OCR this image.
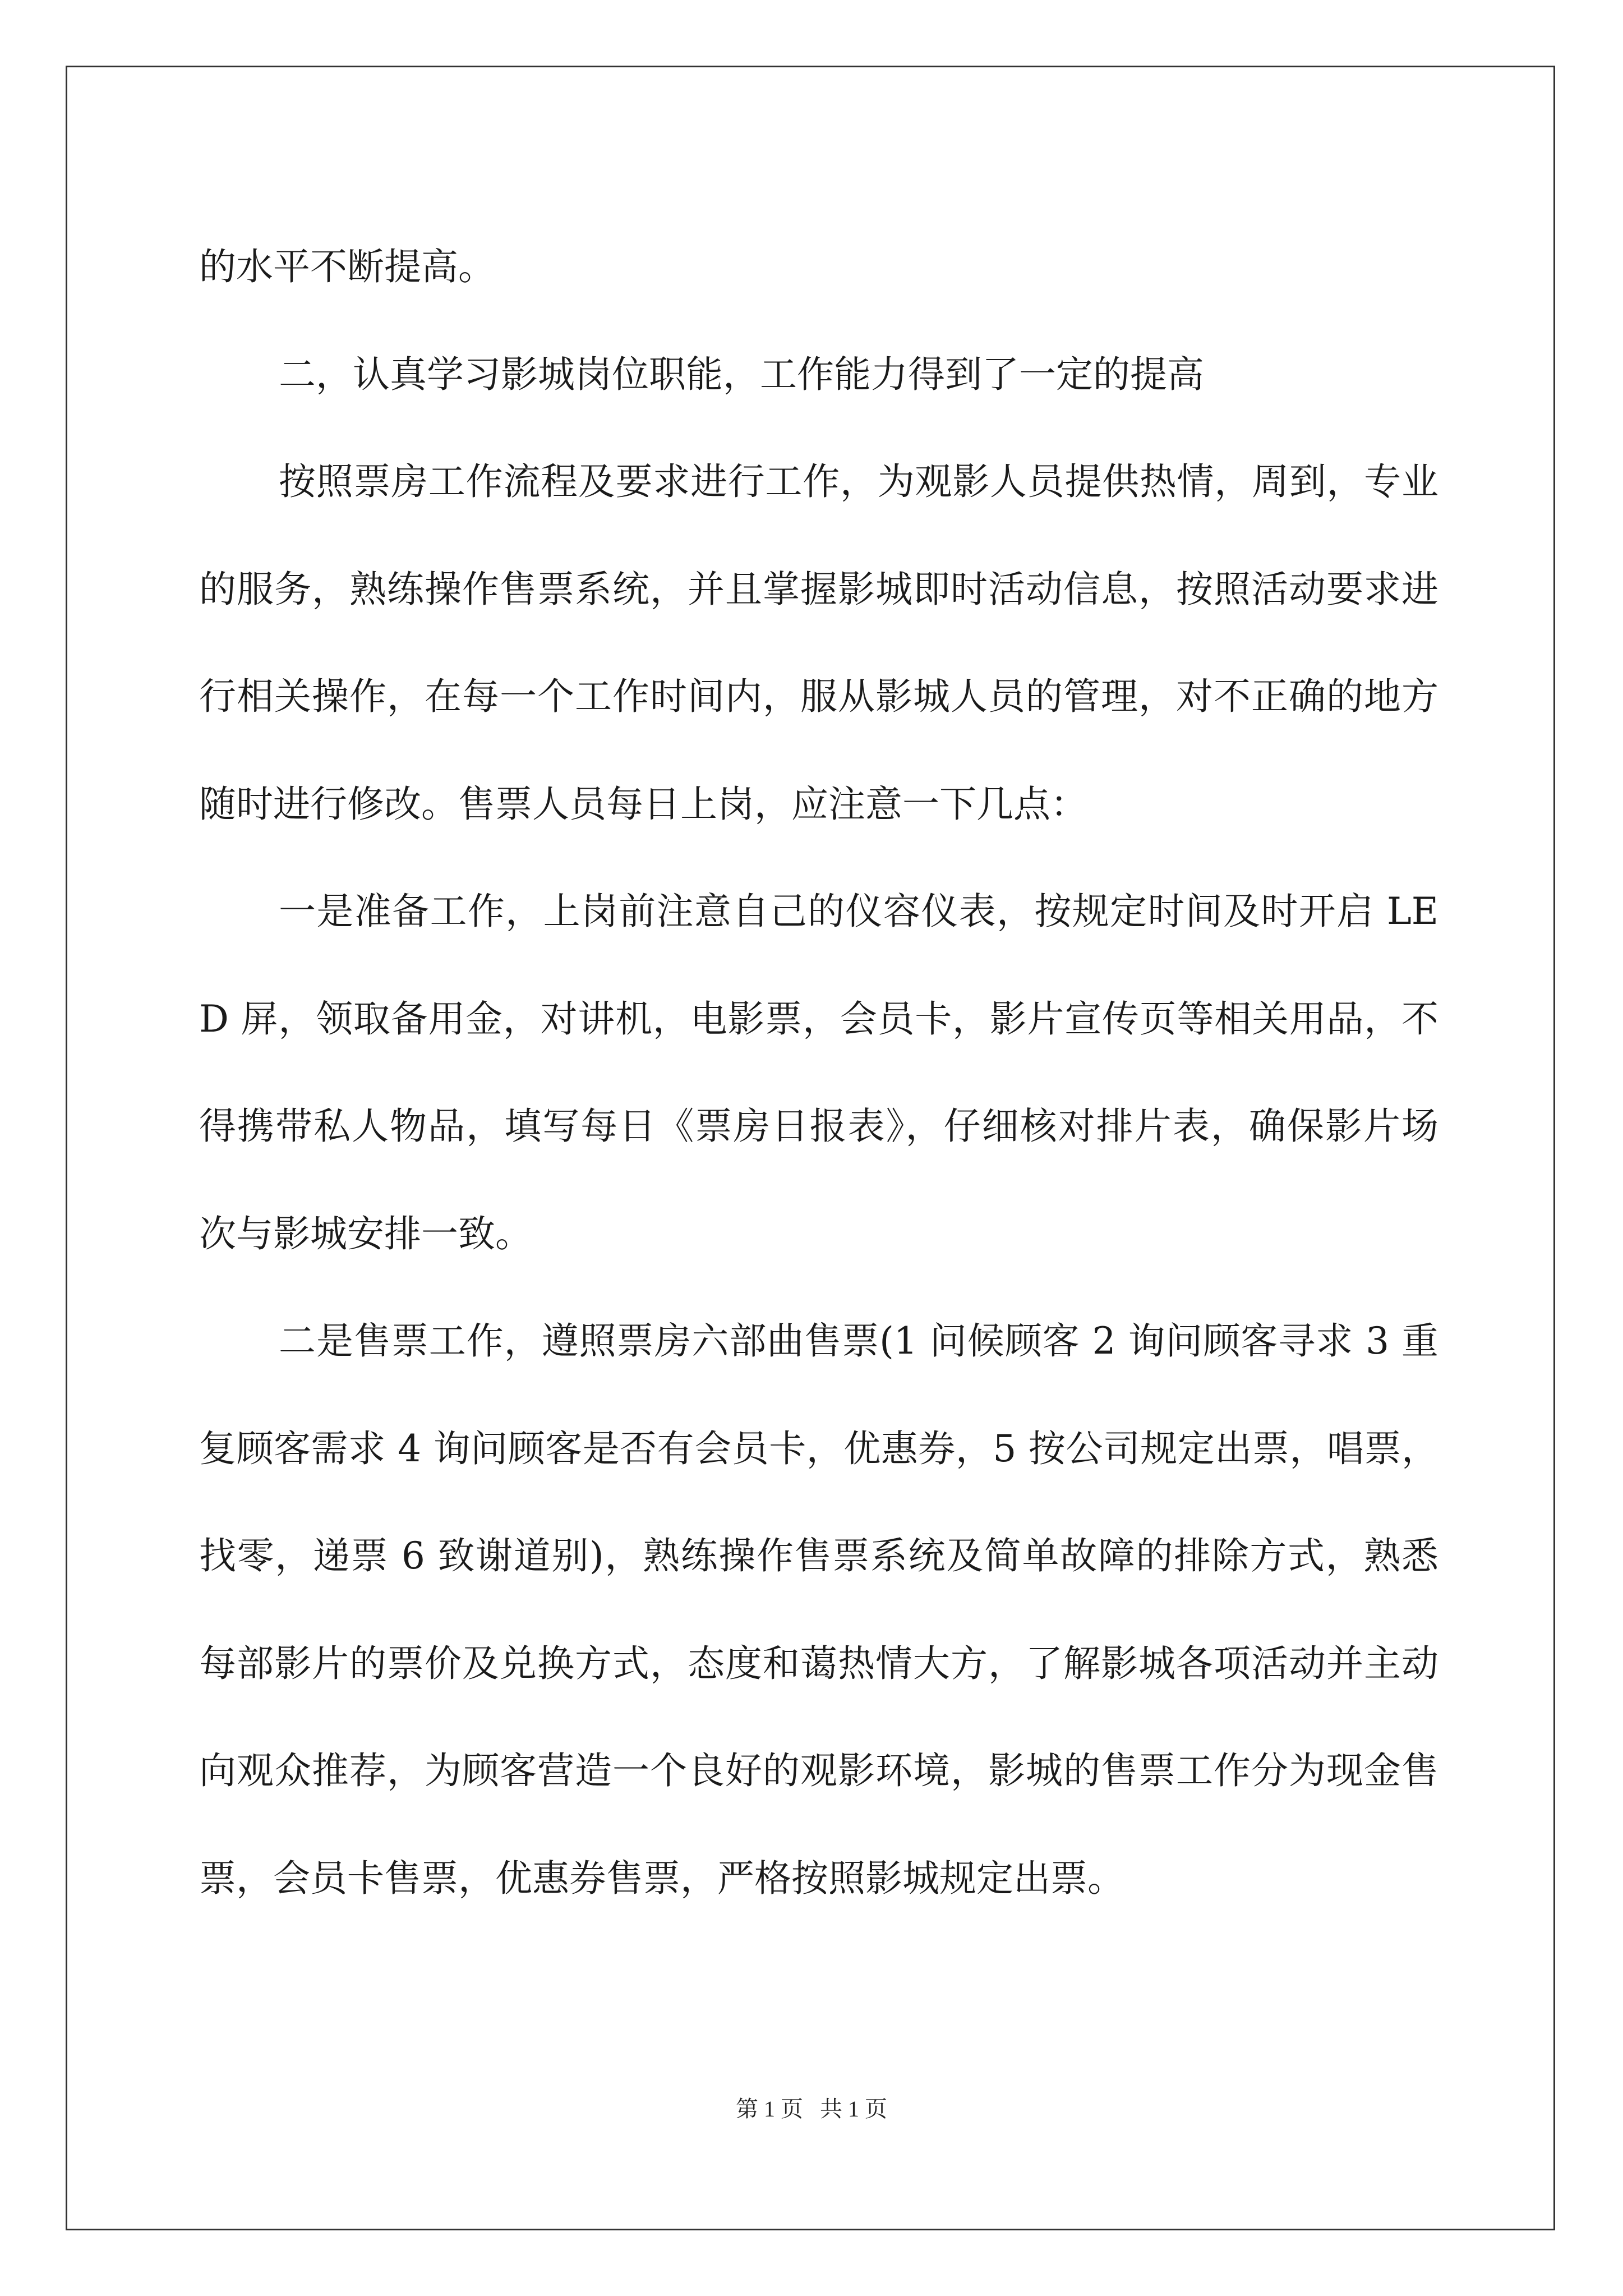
的水平不断提高。

二，认真学习影城岗位职能，工作能力得到了一定的提高

按照票房工作流程及要求进行工作，为观影人员提供热情，周到，专业的服务，熟练操作售票系统，并且掌握影城即时活动信息，按照活动要求进行相关操作，在每一个工作时间内，服从影城人员的管理，对不正确的地方随时进行修改。售票人员每日上岗，应注意一下几点：

一是准备工作，上岗前注意自己的仪容仪表，按规定时间及时开启 LED 屏，领取备用金，对讲机，电影票，会员卡，影片宣传页等相关用品，不得携带私人物品，填写每日《票房日报表》，仔细核对排片表，确保影片场次与影城安排一致。

二是售票工作，遵照票房六部曲售票(1 问候顾客 2 询问顾客寻求 3 重复顾客需求 4 询问顾客是否有会员卡，优惠券，5 按公司规定出票，唱票，找零，递票 6 致谢道别)，熟练操作售票系统及简单故障的排除方式，熟悉每部影片的票价及兑换方式，态度和蔼热情大方，了解影城各项活动并主动向观众推荐，为顾客营造一个良好的观影环境，影城的售票工作分为现金售票，会员卡售票，优惠券售票，严格按照影城规定出票。

第 1 页 共 1 页
